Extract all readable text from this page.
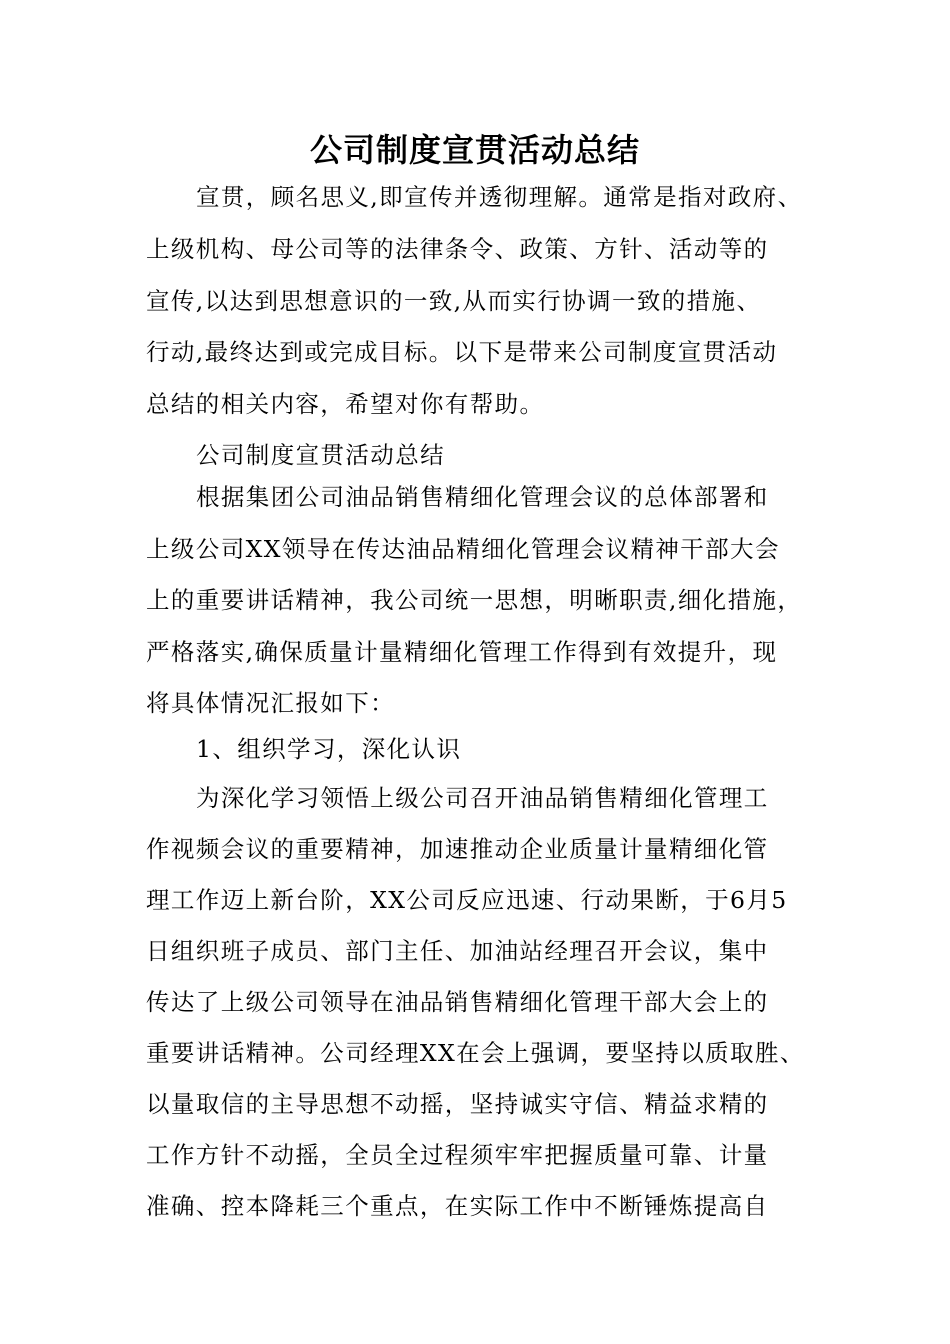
公司制度宣贯活动总结
宣贯，顾名思义,即宣传并透彻理解。通常是指对政府、
上级机构、母公司等的法律条令、政策、方针、活动等的
宣传,以达到思想意识的一致,从而实行协调一致的措施、
行动,最终达到或完成目标。以下是带来公司制度宣贯活动
总结的相关内容，希望对你有帮助。
公司制度宣贯活动总结
根据集团公司油品销售精细化管理会议的总体部署和
上级公司XX领导在传达油品精细化管理会议精神干部大会
上的重要讲话精神，我公司统一思想，明晰职责,细化措施，
严格落实,确保质量计量精细化管理工作得到有效提升，现
将具体情况汇报如下：
1、组织学习，深化认识
为深化学习领悟上级公司召开油品销售精细化管理工
作视频会议的重要精神，加速推动企业质量计量精细化管
理工作迈上新台阶，XX公司反应迅速、行动果断，于6月5
日组织班子成员、部门主任、加油站经理召开会议，集中
传达了上级公司领导在油品销售精细化管理干部大会上的
重要讲话精神。公司经理XX在会上强调，要坚持以质取胜、
以量取信的主导思想不动摇，坚持诚实守信、精益求精的
工作方针不动摇，全员全过程须牢牢把握质量可靠、计量
准确、控本降耗三个重点，在实际工作中不断锤炼提高自
